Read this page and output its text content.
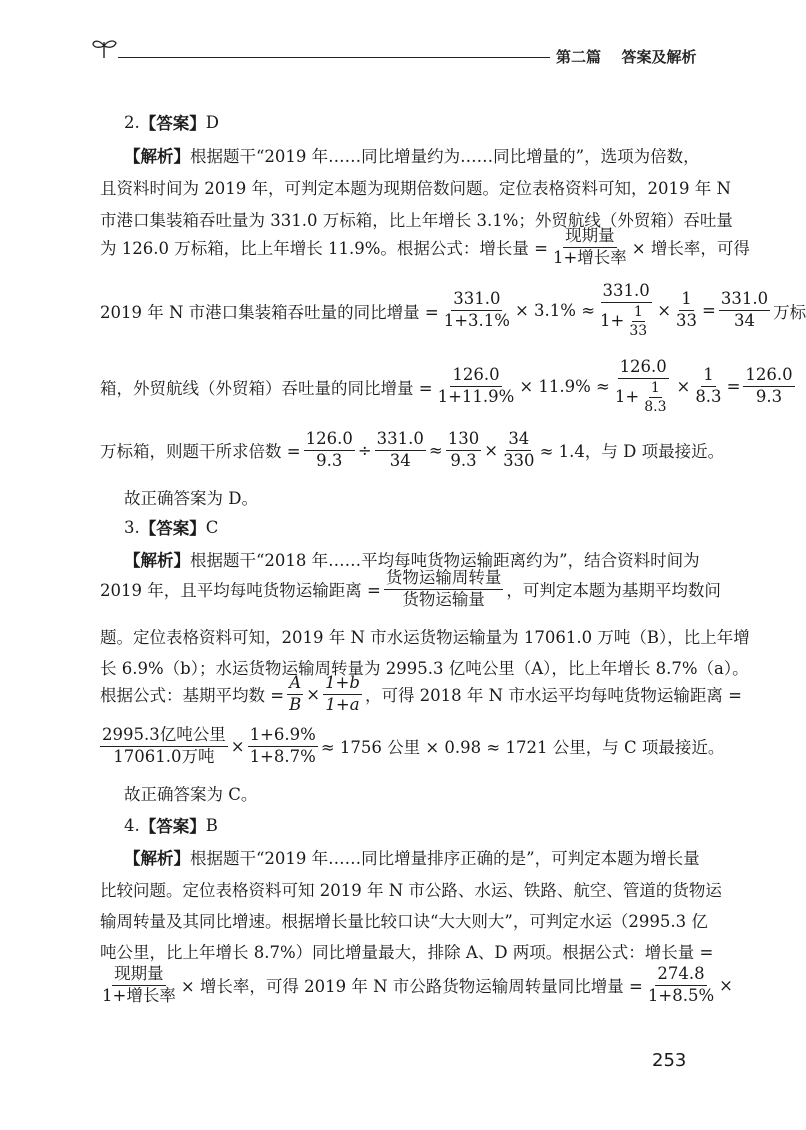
第二篇 答案及解析
2. 【答案】 D
【解析】 根据题干“2019 年……同比增量约为……同比增量的”，选项为倍数，
且资料时间为 2019 年，可判定本题为现期倍数问题。定位表格资料可知，2019 年 N
市港口集装箱吞吐量为 331.0 万标箱，比上年增长 3.1%；外贸航线（外贸箱）吞吐量
为 126.0 万标箱，比上年增长 11.9%。根据公式：增长量 = $\frac{\text{现期量}}{\text{1+增长率}}$ × 增长率，可得
2019 年 N 市港口集装箱吞吐量的同比增量 = $\frac{331.0}{1+3.1\%} \times 3.1\% \approx \frac{331.0}{1+ \frac{1}{33}} \times \frac{1}{33} = \frac{331.0}{34}$ 万标
箱，外贸航线（外贸箱）吞吐量的同比增量 = $\frac{126.0}{1+11.9\%} \times 11.9\% \approx \frac{126.0}{1+ \frac{1}{8.3}} \times \frac{1}{8.3} = \frac{126.0}{9.3}$
万标箱，则题干所求倍数 = $\frac{126.0}{9.3} \div \frac{331.0}{34} \approx \frac{130}{9.3} \times \frac{34}{330} \approx 1.4$，与 D 项最接近。
故正确答案为 D。
3. 【答案】 C
【解析】 根据题干“2018 年……平均每吨货物运输距离约为”，结合资料时间为
2019 年，且平均每吨货物运输距离 = $\frac{\text{货物运输周转量}}{\text{货物运输量}}$ ，可判定本题为基期平均数问
题。定位表格资料可知，2019 年 N 市水运货物运输量为 17061.0 万吨（B），比上年增
长 6.9%（b）；水运货物运输周转量为 2995.3 亿吨公里（A），比上年增长 8.7%（a）。
根据公式：基期平均数 = $\frac{A}{B} \times \frac{1+b}{1+a}$ ，可得 2018 年 N 市水运平均每吨货物运输距离 =
$\frac{\text{2995.3亿吨公里}}{\text{17061.0万吨}} \times \frac{1+6.9\%}{1+8.7\%} \approx 1756$ 公里 × 0.98 ≈ 1721 公里，与 C 项最接近。
故正确答案为 C。
4. 【答案】 B
【解析】 根据题干“2019 年……同比增量排序正确的是”，可判定本题为增长量
比较问题。定位表格资料可知 2019 年 N 市公路、水运、铁路、航空、管道的货物运
输周转量及其同比增速。根据增长量比较口诀“大大则大”，可判定水运（2995.3 亿
吨公里，比上年增长 8.7%）同比增量最大，排除 A、D 两项。根据公式：增长量 =
$\frac{\text{现期量}}{\text{1+增长率}}$ × 增长率，可得 2019 年 N 市公路货物运输周转量同比增量 = $\frac{274.8}{1+8.5\%}$ ×
253
